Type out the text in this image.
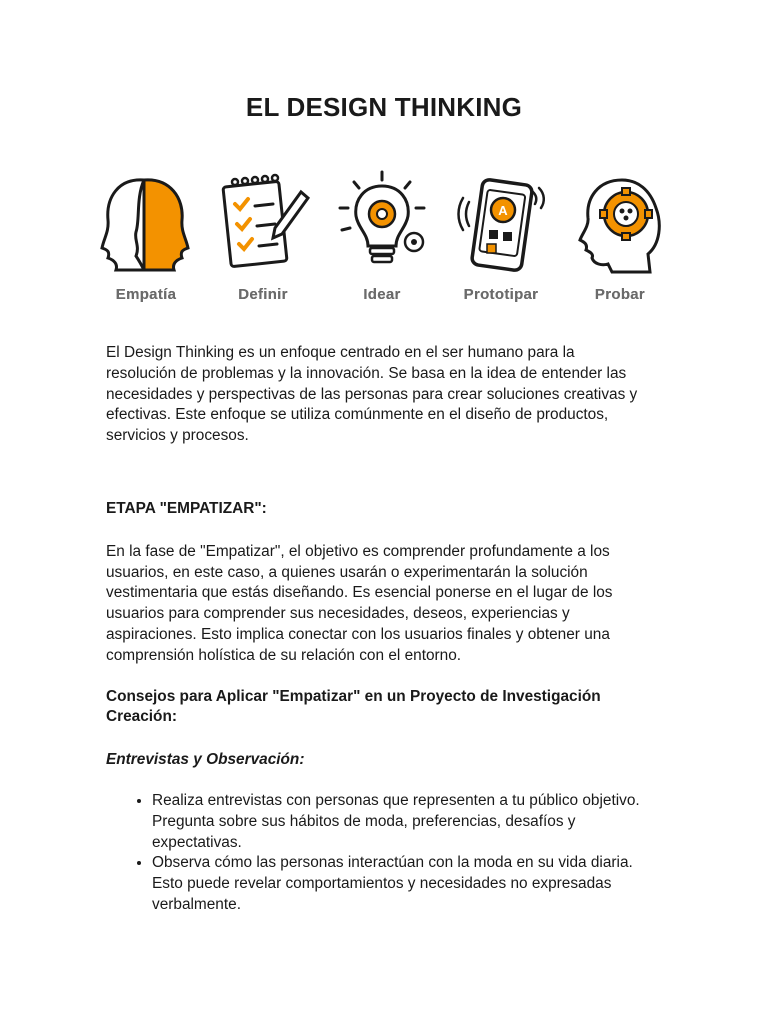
EL DESIGN THINKING
Empatía	Definir	Idear
A
Prototipar	Probar

El Design Thinking es un enfoque centrado en el ser humano para la resolución de problemas y la innovación. Se basa en la idea de entender las necesidades y perspectivas de las personas para crear soluciones creativas y efectivas. Este enfoque se utiliza comúnmente en el diseño de productos, servicios y procesos.

ETAPA "EMPATIZAR":

En la fase de "Empatizar", el objetivo es comprender profundamente a los usuarios, en este caso, a quienes usarán o experimentarán la solución vestimentaria que estás diseñando. Es esencial ponerse en el lugar de los usuarios para comprender sus necesidades, deseos, experiencias y aspiraciones. Esto implica conectar con los usuarios finales y obtener una comprensión holística de su relación con el entorno.

Consejos para Aplicar "Empatizar" en un Proyecto de Investigación Creación:

Entrevistas y Observación:

• Realiza entrevistas con personas que representen a tu público objetivo. Pregunta sobre sus hábitos de moda, preferencias, desafíos y expectativas.
• Observa cómo las personas interactúan con la moda en su vida diaria. Esto puede revelar comportamientos y necesidades no expresadas verbalmente.
